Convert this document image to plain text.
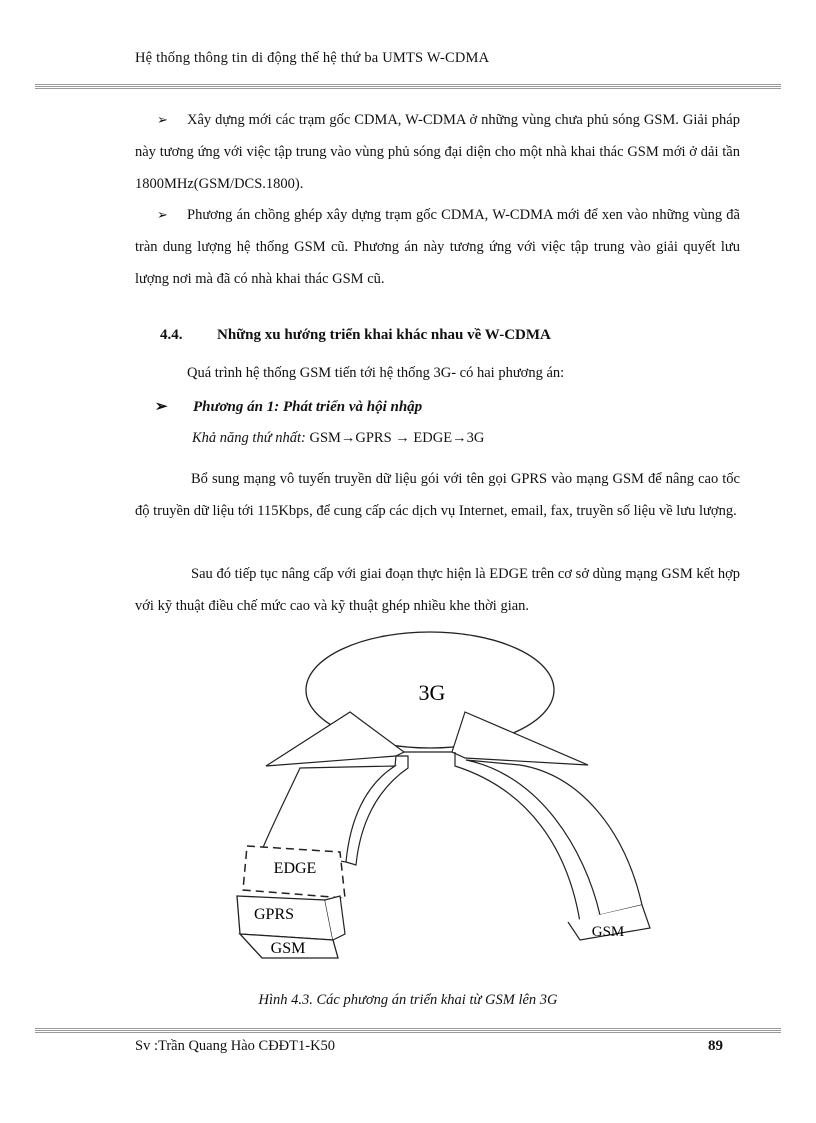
Hệ thống thông tin di động thế hệ thứ ba UMTS W-CDMA

➢ Xây dựng mới các trạm gốc CDMA, W-CDMA ở những vùng chưa phủ sóng GSM. Giải pháp này tương ứng với việc tập trung vào vùng phủ sóng đại diện cho một nhà khai thác GSM mới ở dải tần 1800MHz(GSM/DCS.1800).

➢ Phương án chồng ghép xây dựng trạm gốc CDMA, W-CDMA mới để xen vào những vùng đã tràn dung lượng hệ thống GSM cũ. Phương án này tương ứng với việc tập trung vào giải quyết lưu lượng nơi mà đã có nhà khai thác GSM cũ.

4.4. Những xu hướng triển khai khác nhau về W-CDMA
Quá trình hệ thống GSM tiến tới hệ thống 3G- có hai phương án:
➢ Phương án 1: Phát triển và hội nhập
Khả năng thứ nhất: GSM→GPRS → EDGE→3G

Bổ sung mạng vô tuyến truyền dữ liệu gói với tên gọi GPRS vào mạng GSM để nâng cao tốc độ truyền dữ liệu tới 115Kbps, để cung cấp các dịch vụ Internet, email, fax, truyền số liệu về lưu lượng.

Sau đó tiếp tục nâng cấp với giai đoạn thực hiện là EDGE trên cơ sở dùng mạng GSM kết hợp với kỹ thuật điều chế mức cao và kỹ thuật ghép nhiều khe thời gian.

3G
EDGE
GPRS
GSM
GSM
Hình 4.3. Các phương án triển khai từ GSM lên 3G
Sv :Trần Quang Hào CĐĐT1-K50	89
